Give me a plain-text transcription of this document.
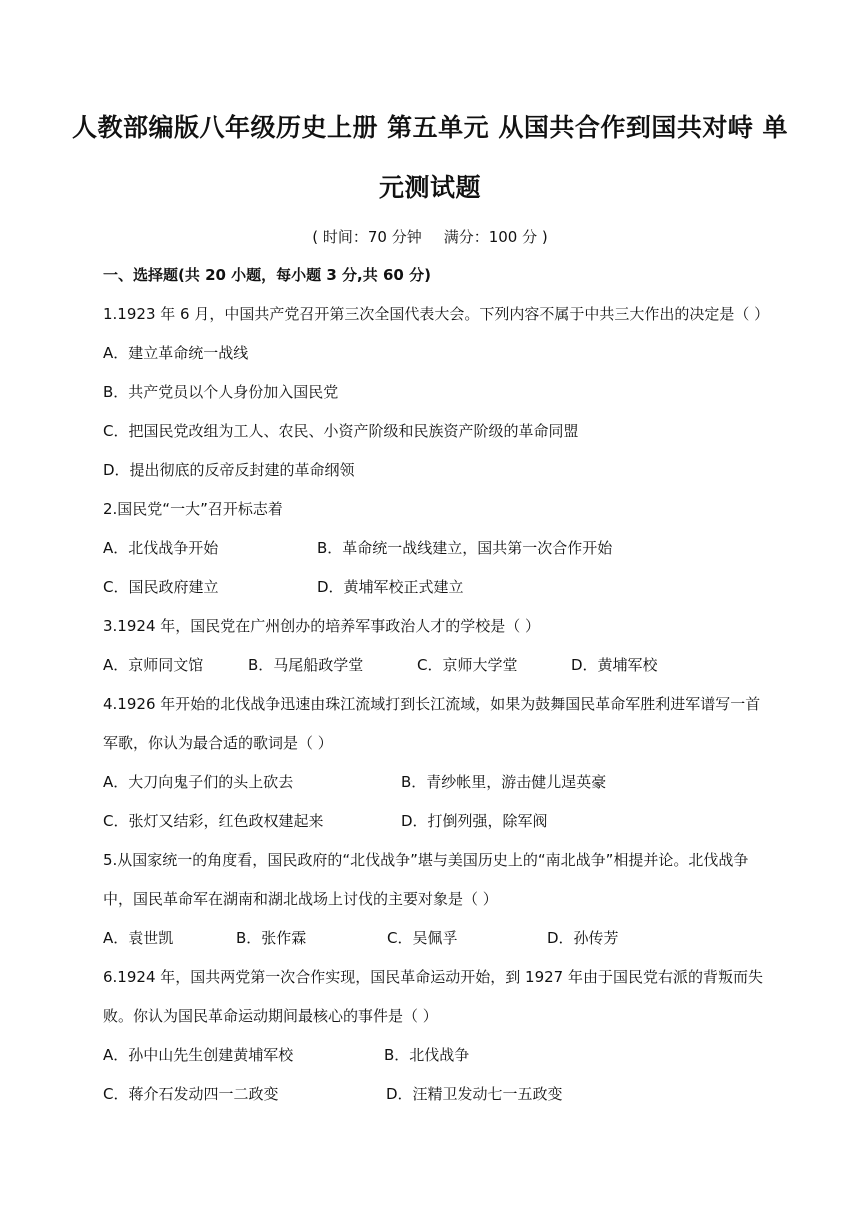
人教部编版八年级历史上册 第五单元 从国共合作到国共对峙 单
元测试题
( 时间：70 分钟 满分：100 分 )
一、选择题(共 20 小题，每小题 3 分,共 60 分)
1.1923 年 6 月，中国共产党召开第三次全国代表大会。下列内容不属于中共三大作出的决定是（ ）
A．建立革命统一战线
B．共产党员以个人身份加入国民党
C．把国民党改组为工人、农民、小资产阶级和民族资产阶级的革命同盟
D．提出彻底的反帝反封建的革命纲领
2.国民党“一大”召开标志着
A．北伐战争开始	B．革命统一战线建立，国共第一次合作开始
C．国民政府建立	D．黄埔军校正式建立
3.1924 年，国民党在广州创办的培养军事政治人才的学校是（ ）
A．京师同文馆	B．马尾船政学堂	C．京师大学堂	D．黄埔军校
4.1926 年开始的北伐战争迅速由珠江流域打到长江流域，如果为鼓舞国民革命军胜利进军谱写一首
军歌，你认为最合适的歌词是（ ）
A．大刀向鬼子们的头上砍去	B．青纱帐里，游击健儿逞英豪
C．张灯又结彩，红色政权建起来	D．打倒列强，除军阀
5.从国家统一的角度看，国民政府的“北伐战争”堪与美国历史上的“南北战争”相提并论。北伐战争
中，国民革命军在湖南和湖北战场上讨伐的主要对象是（ ）
A．袁世凯	B．张作霖	C．吴佩孚	D．孙传芳
6.1924 年，国共两党第一次合作实现，国民革命运动开始，到 1927 年由于国民党右派的背叛而失
败。你认为国民革命运动期间最核心的事件是（ ）
A．孙中山先生创建黄埔军校	B．北伐战争
C．蒋介石发动四一二政变	D．汪精卫发动七一五政变
